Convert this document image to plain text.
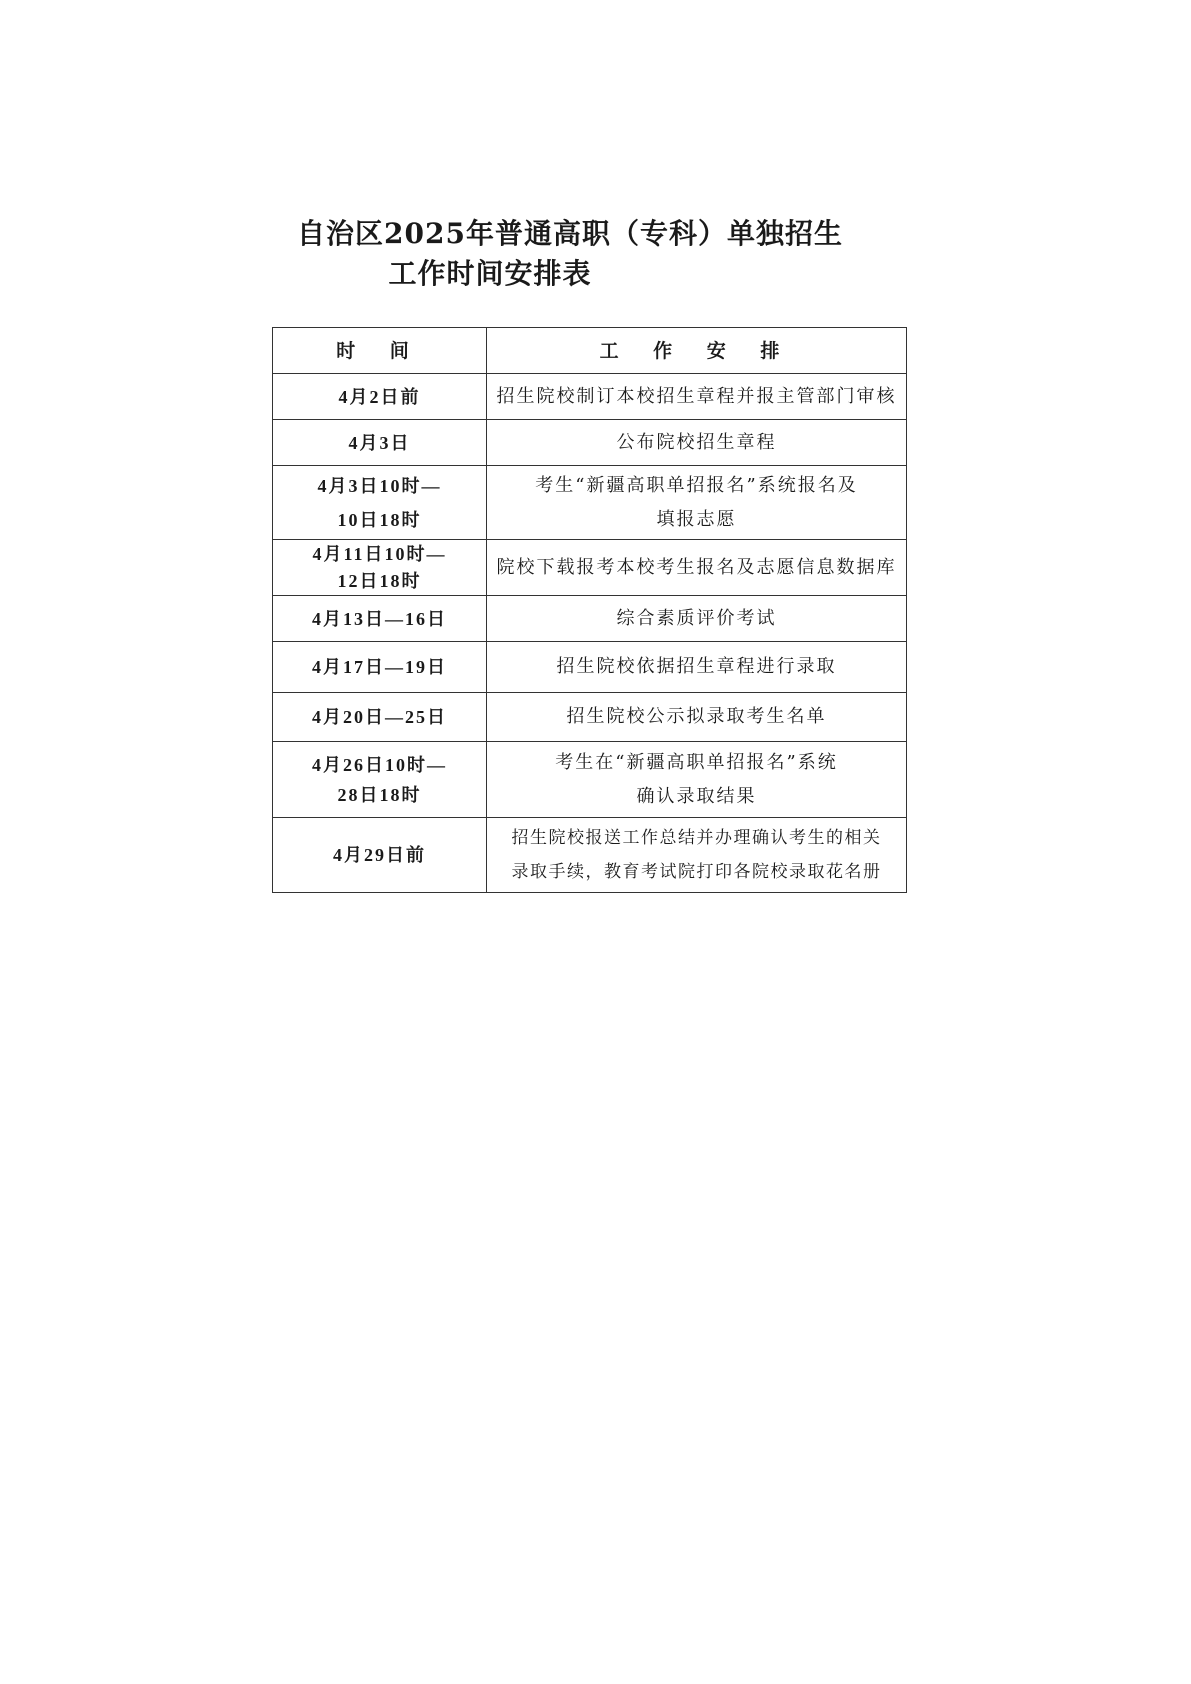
自治区2025年普通高职（专科）单独招生
工作时间安排表
时 间	工 作 安 排

4月2日前	招生院校制订本校招生章程并报主管部门审核

4月3日	公布院校招生章程

4月3日10时—
10日18时	考生“新疆高职单招报名”系统报名及
填报志愿

4月11日10时—
12日18时	院校下载报考本校考生报名及志愿信息数据库

4月13日—16日	综合素质评价考试

4月17日—19日	招生院校依据招生章程进行录取

4月20日—25日	招生院校公示拟录取考生名单

4月26日10时—
28日18时	考生在“新疆高职单招报名”系统
确认录取结果

4月29日前	招生院校报送工作总结并办理确认考生的相关
录取手续，教育考试院打印各院校录取花名册
